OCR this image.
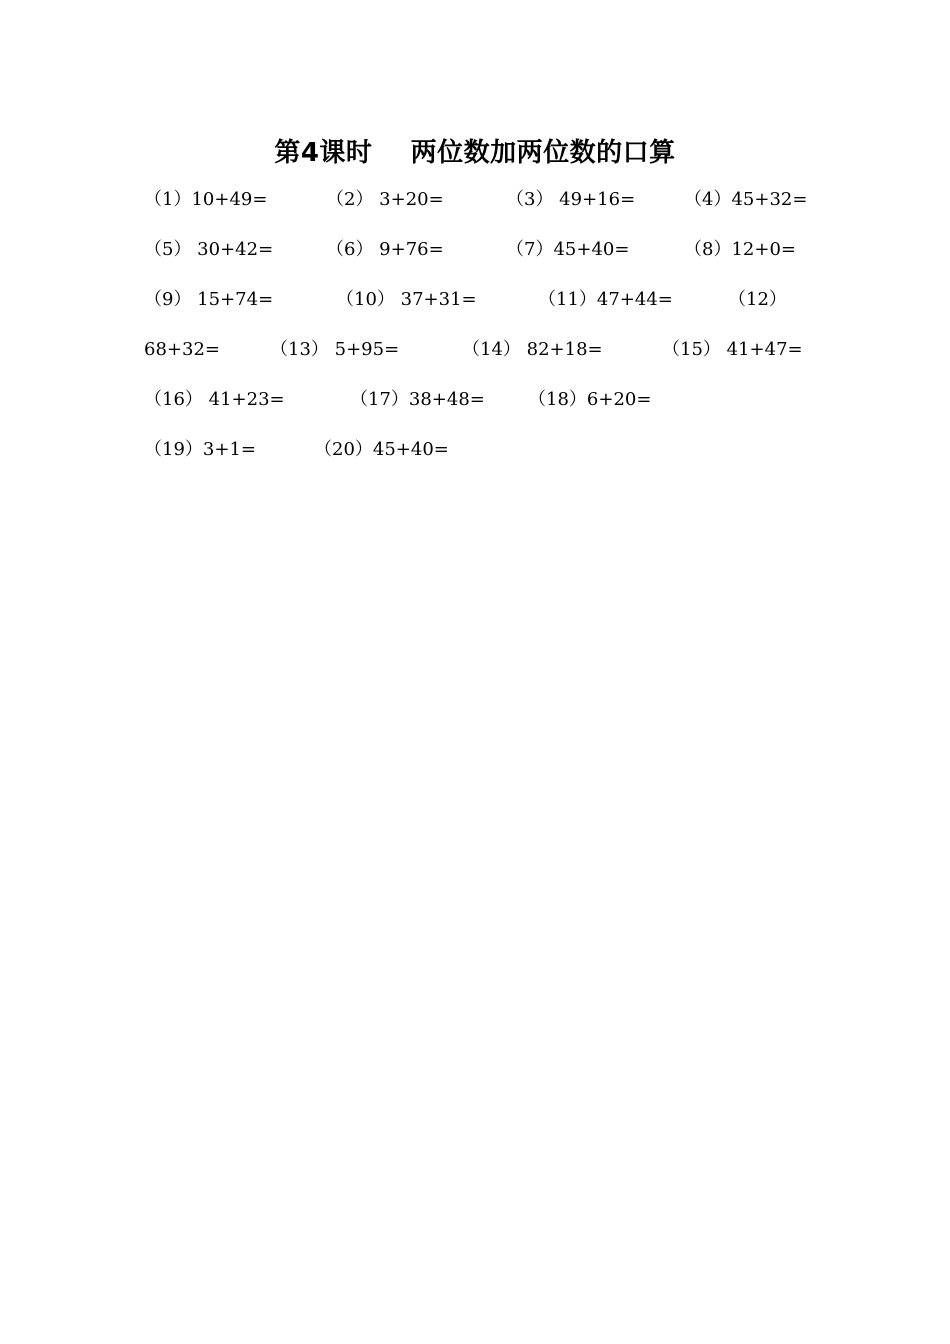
第4课时    两位数加两位数的口算

（1）10+49=

	（2） 3+20=

	（3） 49+16=

	（4）45+32=

（5） 30+42=

	（6） 9+76=

	（7）45+40=

	（8）12+0=

（9） 15+74=

	（10） 37+31=

	（11）47+44=

	（12）

68+32=

	（13） 5+95=

	（14） 82+18=

	（15） 41+47=

（16） 41+23=

	（17）38+48=

（18）6+20=

（19）3+1=

	（20）45+40=
